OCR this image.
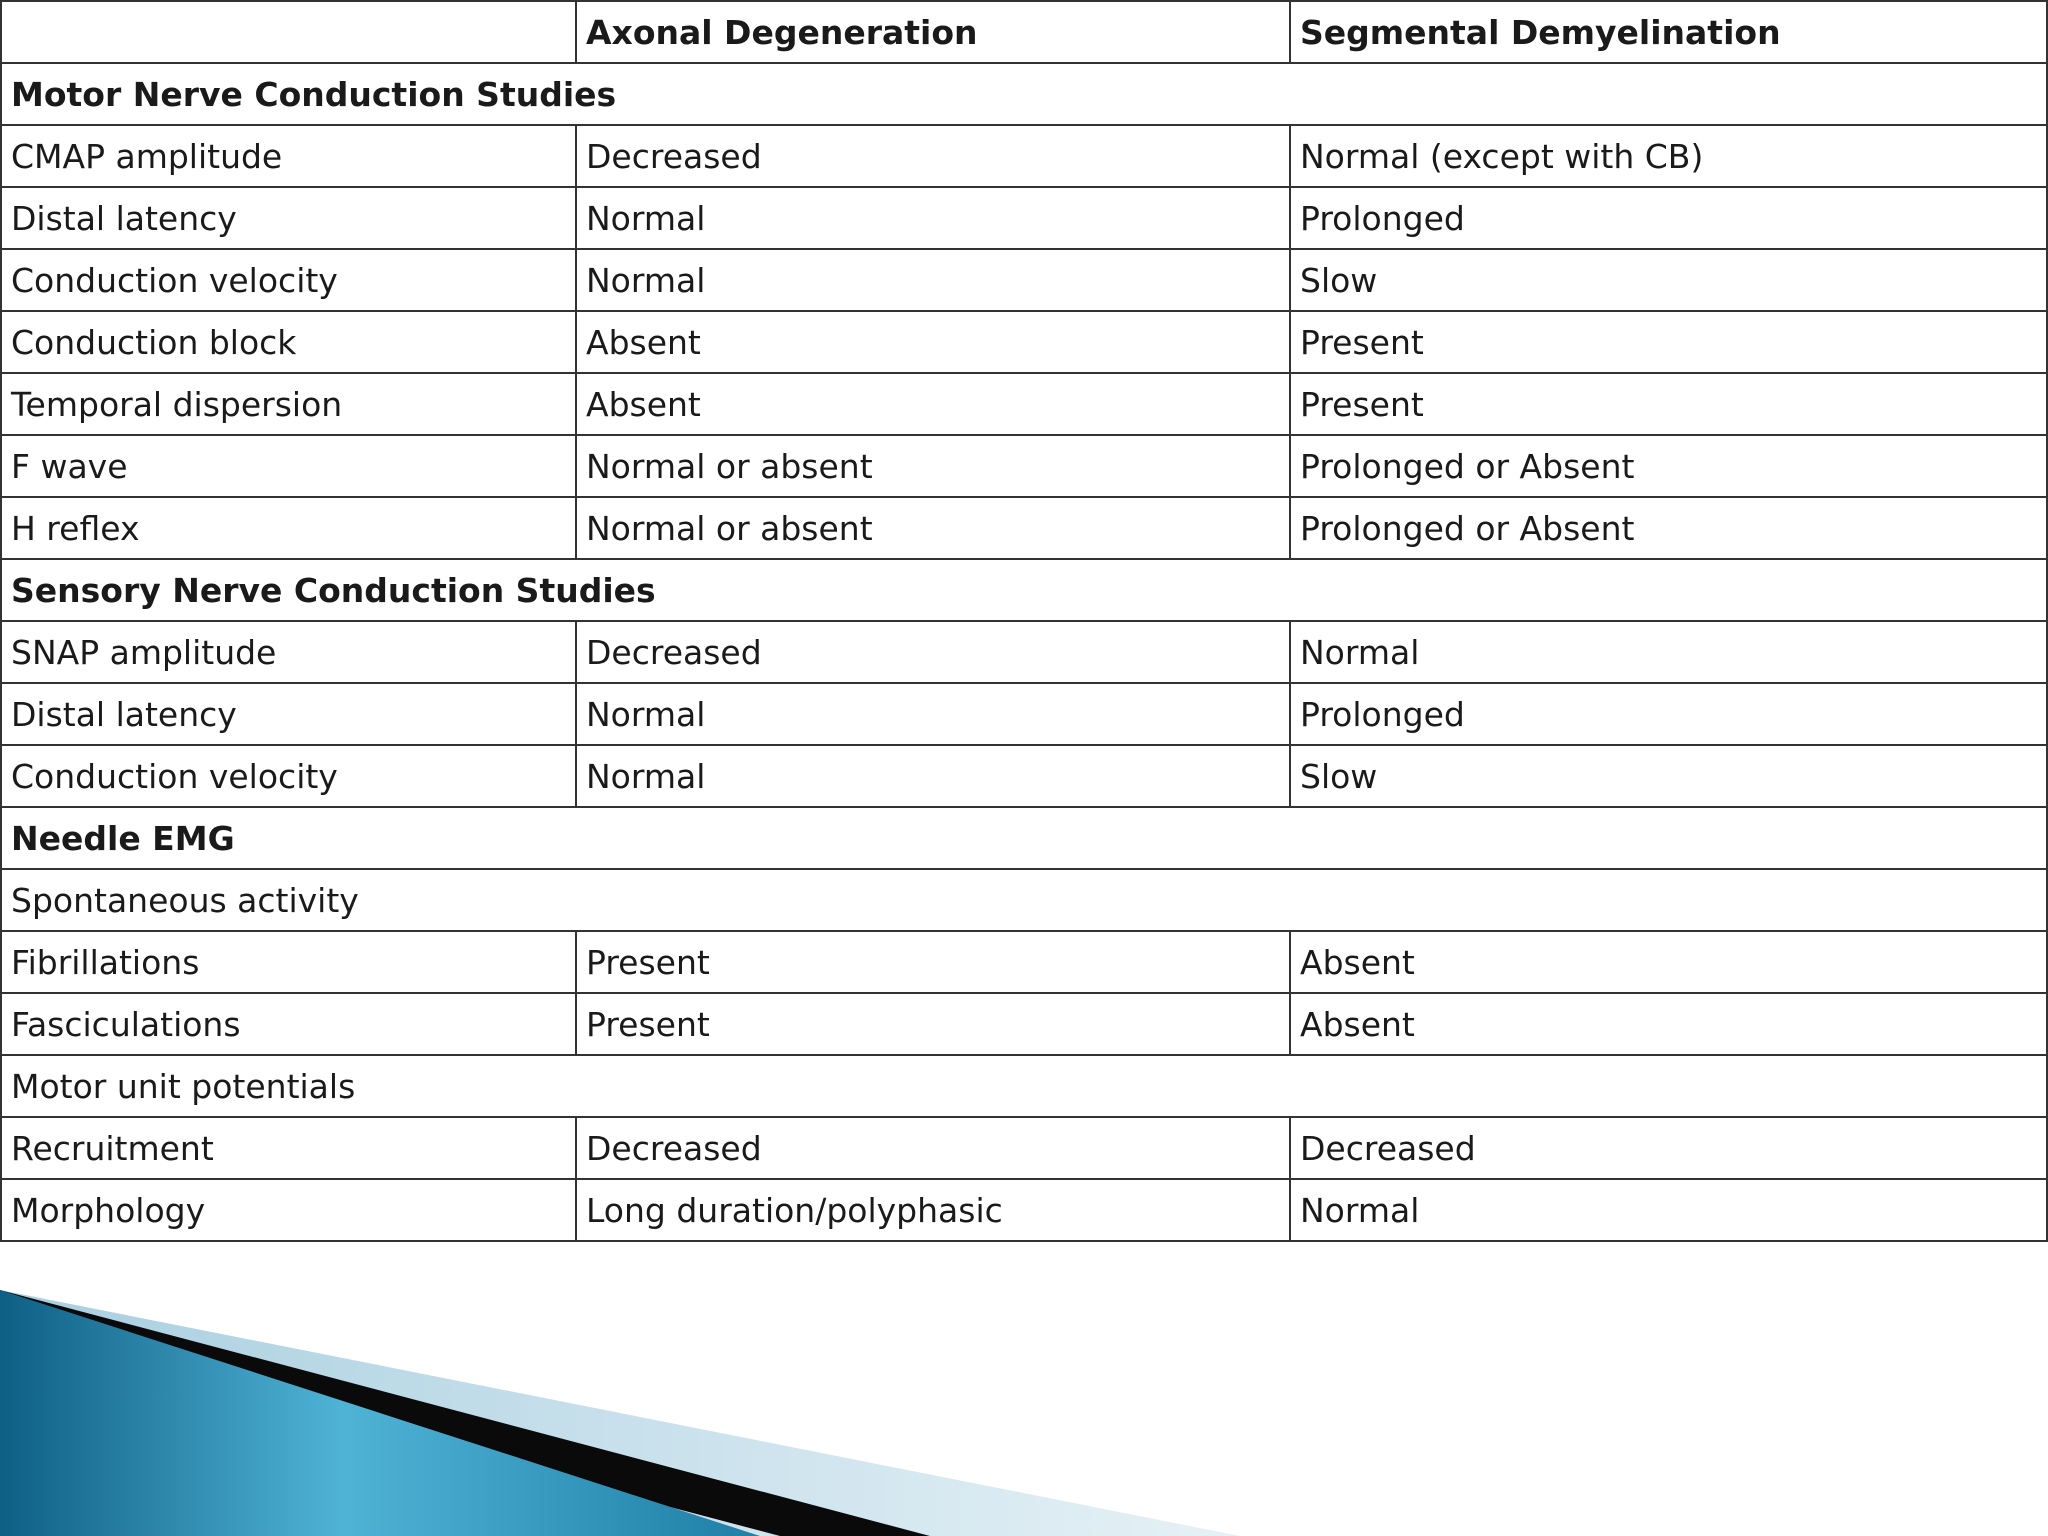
	Axonal Degeneration	Segmental Demyelination
Motor Nerve Conduction Studies		
CMAP amplitude	Decreased	Normal (except with CB)
Distal latency	Normal	Prolonged
Conduction velocity	Normal	Slow
Conduction block	Absent	Present
Temporal dispersion	Absent	Present
F wave	Normal or absent	Prolonged or Absent
H reflex	Normal or absent	Prolonged or Absent
Sensory Nerve Conduction Studies		
SNAP amplitude	Decreased	Normal
Distal latency	Normal	Prolonged
Conduction velocity	Normal	Slow
Needle EMG		
Spontaneous activity		
Fibrillations	Present	Absent
Fasciculations	Present	Absent
Motor unit potentials		
Recruitment	Decreased	Decreased
Morphology	Long duration/polyphasic	Normal
